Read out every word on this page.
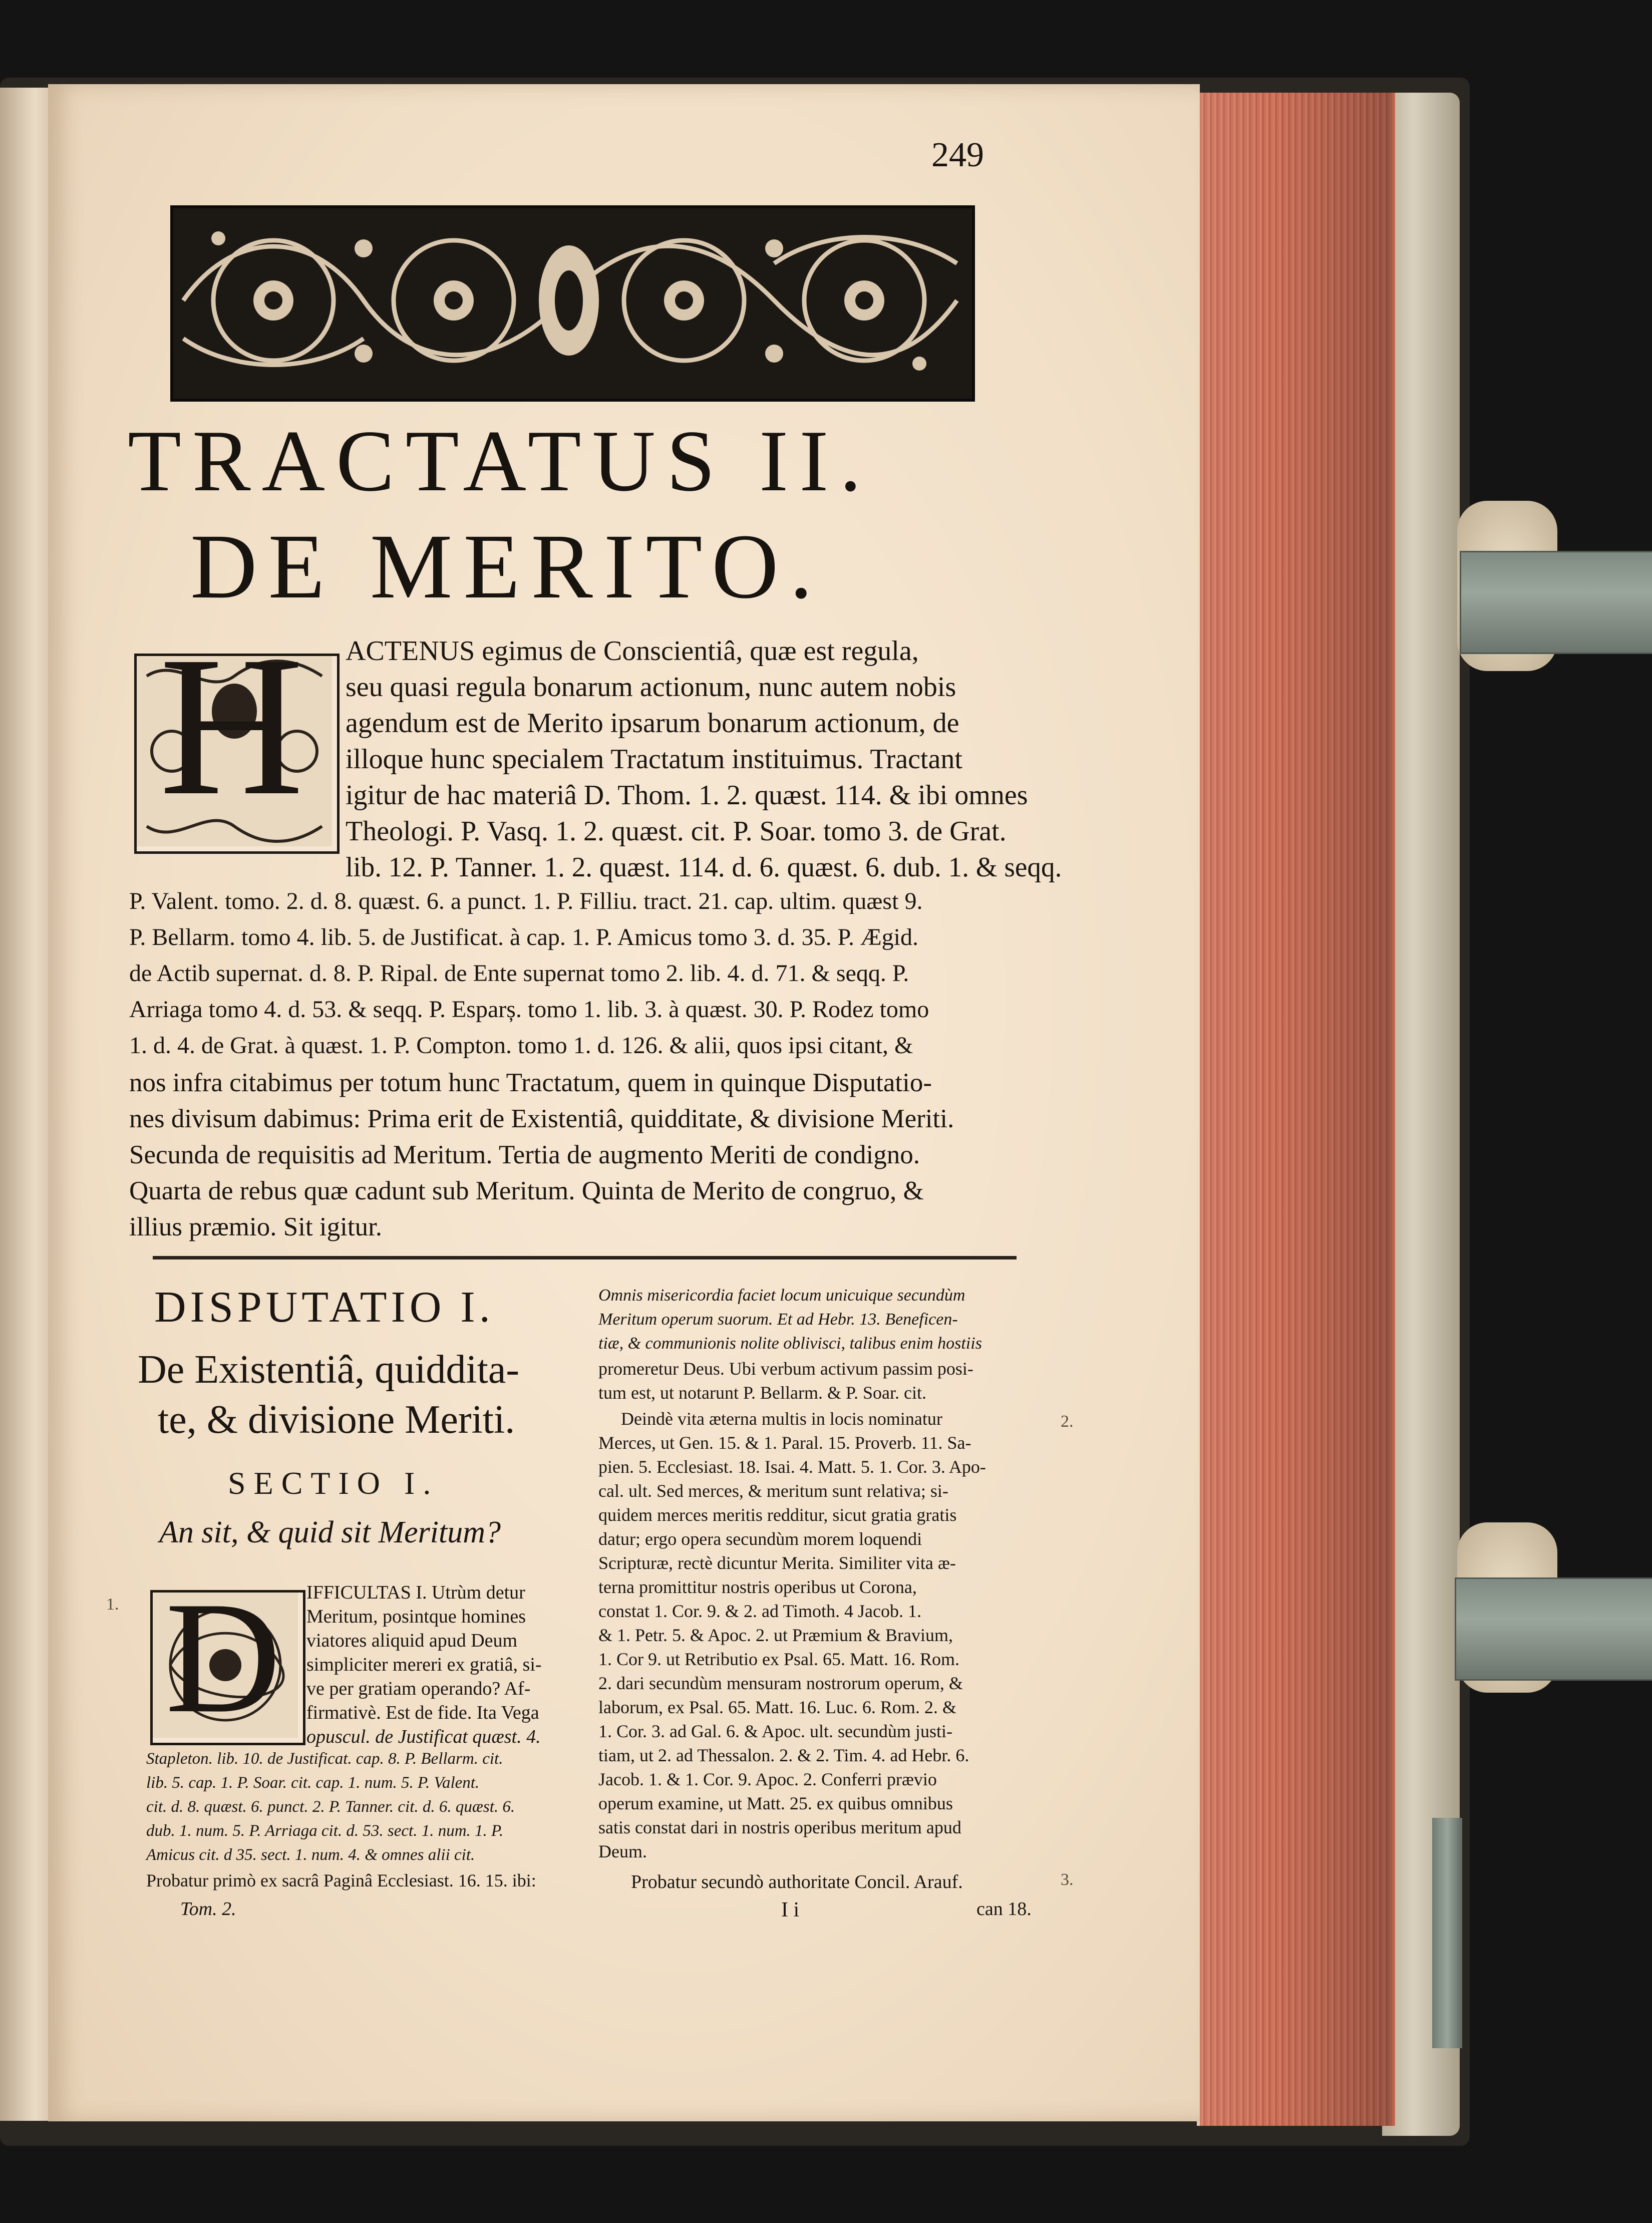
249
TRACTATUS II.
DE MERITO.
H ACTENUS egimus de Conscientiâ, quæ est regula,
seu quasi regula bonarum actionum, nunc autem nobis
agendum est de Merito ipsarum bonarum actionum, de
illoque hunc specialem Tractatum instituimus. Tractant
igitur de hac materiâ D. Thom. 1. 2. quæst. 114. & ibi omnes
Theologi. P. Vasq. 1. 2. quæst. cit. P. Soar. tomo 3. de Grat.
lib. 12. P. Tanner. 1. 2. quæst. 114. d. 6. quæst. 6. dub. 1. & seqq.
P. Valent. tomo. 2. d. 8. quæst. 6. a punct. 1. P. Filliu. tract. 21. cap. ultim. quæst 9.
P. Bellarm. tomo 4. lib. 5. de Justificat. à cap. 1. P. Amicus tomo 3. d. 35. P. Ægid.
de Actib supernat. d. 8. P. Ripal. de Ente supernat tomo 2. lib. 4. d. 71. & seqq. P.
Arriaga tomo 4. d. 53. & seqq. P. Esparș. tomo 1. lib. 3. à quæst. 30. P. Rodez tomo
1. d. 4. de Grat. à quæst. 1. P. Compton. tomo 1. d. 126. & alii, quos ipsi citant, &
nos infra citabimus per totum hunc Tractatum, quem in quinque Disputatio-
nes divisum dabimus: Prima erit de Existentiâ, quidditate, & divisione Meriti.
Secunda de requisitis ad Meritum. Tertia de augmento Meriti de condigno.
Quarta de rebus quæ cadunt sub Meritum. Quinta de Merito de congruo, &
illius præmio. Sit igitur.
DISPUTATIO I.
De Existentiâ, quiddita-
te, & divisione Meriti.
SECTIO I.
An sit, & quid sit Meritum?
D IFFICULTAS I. Utrùm detur
Meritum, posintque homines
viatores aliquid apud Deum
simpliciter mereri ex gratiâ, si-
ve per gratiam operando? Af-
firmativè. Est de fide. Ita Vega
opuscul. de Justificat quæst. 4.
Stapleton. lib. 10. de Justificat. cap. 8. P. Bellarm. cit.
lib. 5. cap. 1. P. Soar. cit. cap. 1. num. 5. P. Valent.
cit. d. 8. quæst. 6. punct. 2. P. Tanner. cit. d. 6. quæst. 6.
dub. 1. num. 5. P. Arriaga cit. d. 53. sect. 1. num. 1. P.
Amicus cit. d 35. sect. 1. num. 4. & omnes alii cit.
Probatur primò ex sacrâ Paginâ Ecclesiast. 16. 15. ibi:
Tom. 2.
Omnis misericordia faciet locum unicuique secundùm
Meritum operum suorum. Et ad Hebr. 13. Beneficen-
tiæ, & communionis nolite oblivisci, talibus enim hostiis
promeretur Deus. Ubi verbum activum passim posi-
tum est, ut notarunt P. Bellarm. & P. Soar. cit.
Deindè vita æterna multis in locis nominatur
Merces, ut Gen. 15. & 1. Paral. 15. Proverb. 11. Sa-
pien. 5. Ecclesiast. 18. Isai. 4. Matt. 5. 1. Cor. 3. Apo-
cal. ult. Sed merces, & meritum sunt relativa; si-
quidem merces meritis redditur, sicut gratia gratis
datur; ergo opera secundùm morem loquendi
Scripturæ, rectè dicuntur Merita. Similiter vita æ-
terna promittitur nostris operibus ut Corona,
constat 1. Cor. 9. & 2. ad Timoth. 4 Jacob. 1.
& 1. Petr. 5. & Apoc. 2. ut Præmium & Bravium,
1. Cor 9. ut Retributio ex Psal. 65. Matt. 16. Rom.
2. dari secundùm mensuram nostrorum operum, &
laborum, ex Psal. 65. Matt. 16. Luc. 6. Rom. 2. &
1. Cor. 3. ad Gal. 6. & Apoc. ult. secundùm justi-
tiam, ut 2. ad Thessalon. 2. & 2. Tim. 4. ad Hebr. 6.
Jacob. 1. & 1. Cor. 9. Apoc. 2. Conferri prævio
operum examine, ut Matt. 25. ex quibus omnibus
satis constat dari in nostris operibus meritum apud
Deum.
Probatur secundò authoritate Concil. Arauf.
I i	can 18.
1.
2.
3.
